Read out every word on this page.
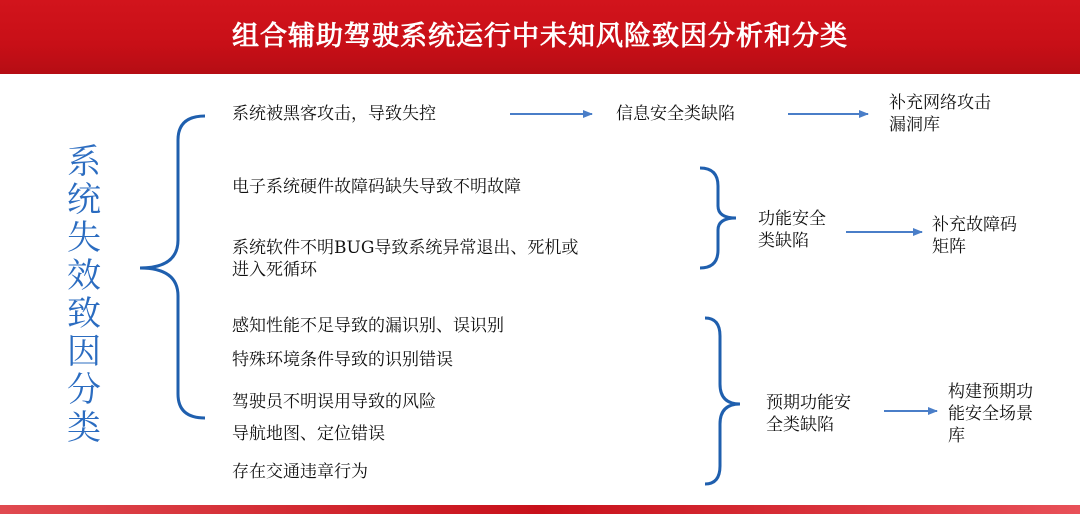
组合辅助驾驶系统运行中未知风险致因分析和分类
系
统
失
效
致
因
分
类
系统被黑客攻击，导致失控	信息安全类缺陷
补充网络攻击
漏洞库
电子系统硬件故障码缺失导致不明故障
系统软件不明BUG导致系统异常退出、死机或
进入死循环
功能安全
类缺陷
补充故障码
矩阵
感知性能不足导致的漏识别、误识别
特殊环境条件导致的识别错误
驾驶员不明误用导致的风险
导航地图、定位错误
存在交通违章行为
预期功能安
全类缺陷
构建预期功
能安全场景
库
